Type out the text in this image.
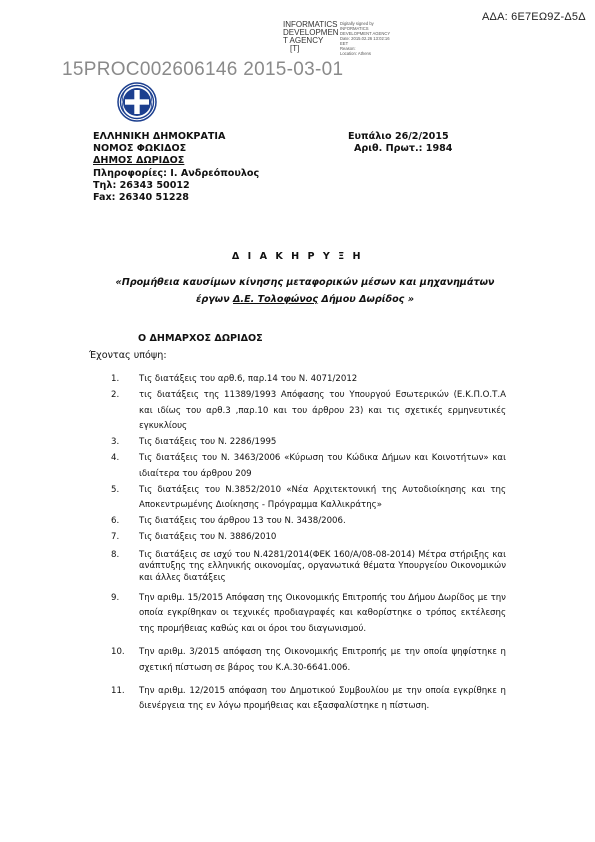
ΑΔΑ: 6Ε7ΕΩ9Ζ-Δ5Δ
INFORMATICS
DEVELOPMEN
T AGENCY
[T]
Digitally signed by
INFORMATICS
DEVELOPMENT AGENCY
Date: 2015.02.26 13:02:16
EET
Reason:
Location: Athens
15PROC002606146 2015-03-01
ΕΛΛΗΝΙΚΗ ΔΗΜΟΚΡΑΤΙΑ
ΝΟΜΟΣ ΦΩΚΙΔΟΣ
ΔΗΜΟΣ ΔΩΡΙΔΟΣ
Πληροφορίες: Ι. Ανδρεόπουλος
Τηλ: 26343 50012
Fax: 26340 51228
Ευπάλιο 26/2/2015
Αριθ. Πρωτ.: 1984
Δ Ι Α Κ Η Ρ Υ Ξ Η
«Προμήθεια καυσίμων κίνησης μεταφορικών μέσων και μηχανημάτων
έργων Δ.Ε. Τολοφώνος Δήμου Δωρίδος »
Ο ΔΗΜΑΡΧΟΣ ΔΩΡΙΔΟΣ
Έχοντας υπόψη:
1. Τις διατάξεις του αρθ.6, παρ.14 του Ν. 4071/2012
2. τις διατάξεις της 11389/1993 Απόφασης του Υπουργού Εσωτερικών (Ε.Κ.Π.Ο.Τ.Α και ιδίως του αρθ.3 ,παρ.10 και του άρθρου 23) και τις σχετικές ερμηνευτικές εγκυκλίους
3. Τις διατάξεις του Ν. 2286/1995
4. Τις διατάξεις του Ν. 3463/2006 «Κύρωση του Κώδικα Δήμων και Κοινοτήτων» και ιδιαίτερα του άρθρου 209
5. Τις διατάξεις του Ν.3852/2010 «Νέα Αρχιτεκτονική της Αυτοδιοίκησης και της Αποκεντρωμένης Διοίκησης - Πρόγραμμα Καλλικράτης»
6. Τις διατάξεις του άρθρου 13 του Ν. 3438/2006.
7. Τις διατάξεις του Ν. 3886/2010
8. Τις διατάξεις σε ισχύ του Ν.4281/2014(ΦΕΚ 160/Α/08-08-2014) Μέτρα στήριξης και ανάπτυξης της ελληνικής οικονομίας, οργανωτικά θέματα Υπουργείου Οικονομικών και άλλες διατάξεις
9. Την αριθμ. 15/2015 Απόφαση της Οικονομικής Επιτροπής του Δήμου Δωρίδος με την οποία εγκρίθηκαν οι τεχνικές προδιαγραφές και καθορίστηκε ο τρόπος εκτέλεσης της προμήθειας καθώς και οι όροι του διαγωνισμού.
10. Την αριθμ. 3/2015 απόφαση της Οικονομικής Επιτροπής με την οποία ψηφίστηκε η σχετική πίστωση σε βάρος του Κ.Α.30-6641.006.
11. Την αριθμ. 12/2015 απόφαση του Δημοτικού Συμβουλίου με την οποία εγκρίθηκε η διενέργεια της εν λόγω προμήθειας και εξασφαλίστηκε η πίστωση.
